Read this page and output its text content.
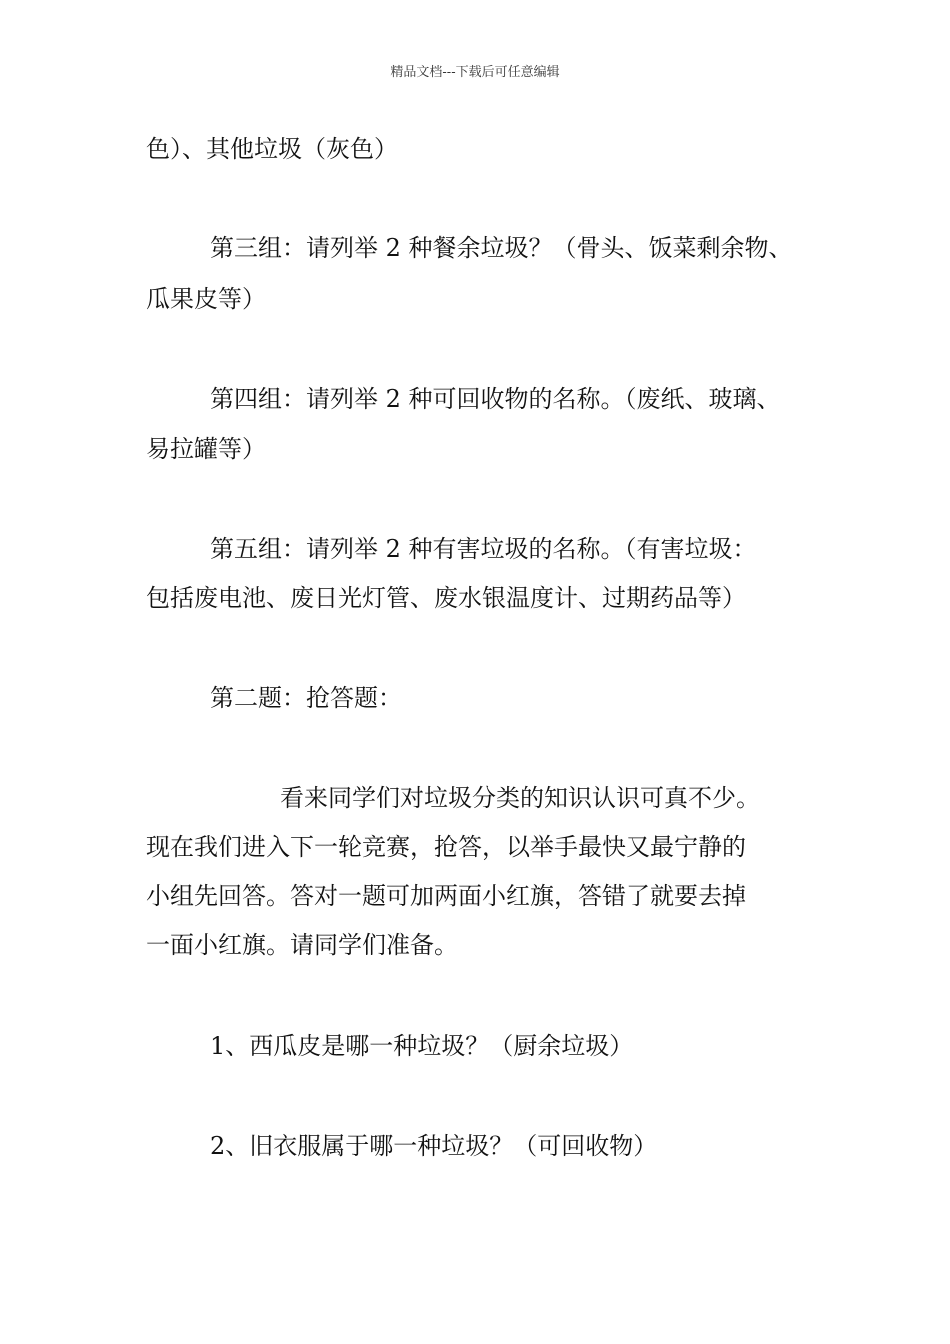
精品文档---下载后可任意编辑
色）、其他垃圾（灰色）
第三组：请列举 2 种餐余垃圾？（骨头、饭菜剩余物、
瓜果皮等）
第四组：请列举 2 种可回收物的名称。（废纸、玻璃、
易拉罐等）
第五组：请列举 2 种有害垃圾的名称。（有害垃圾：
包括废电池、废日光灯管、废水银温度计、过期药品等）
第二题：抢答题：
看来同学们对垃圾分类的知识认识可真不少。
现在我们进入下一轮竞赛，抢答，以举手最快又最宁静的
小组先回答。答对一题可加两面小红旗，答错了就要去掉
一面小红旗。请同学们准备。
1、西瓜皮是哪一种垃圾？（厨余垃圾）
2、旧衣服属于哪一种垃圾？（可回收物）
